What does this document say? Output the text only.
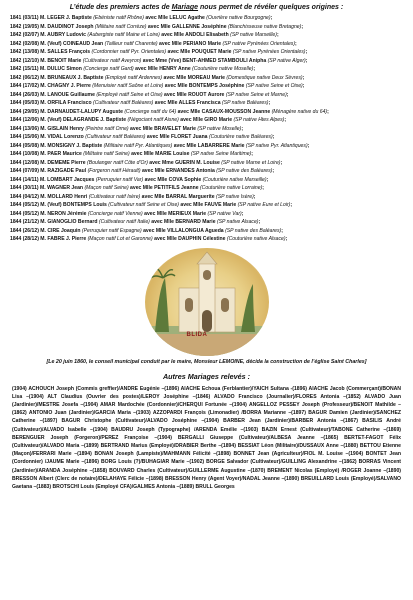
L’étude des premiers actes de Mariage nous permet de révéler quelques origines :
1841 (03/11) M. LEGER J. Baptiste (Ebéniste natif Rhône) avec Mlle LELUC Agathe (Ouvrière native Bourgogne);
1842 (19/05) M. DAUDINOT Joseph (Militaire natif Corrèze) avec Mlle GALLENNE Joséphine (Blanchisseuse native Bretagne);
1842 (02/07) M. AUBRY Ludovic (Aubergiste natif Maine et Loire) avec Mlle ANDOLI Elisabeth (SP native Marseille);
1842 (02/08) M. (Veuf) COINEAUD Jean (Tailleur natif Charente) avec Mlle PERIANO Marie (SP native Pyrénées Orientales);
1842 (13/08) M. SALLES François (Cordonnier natif Pyr. Orientales) avec Mlle POUQUET Marie (SP native Pyrénées Orientales);
1842 (12/10) M. BENOIT Marie (Cultivateur natif Aveyron) avec Mme (Vve) BENT-AHMED STAMBOULI Anipha (SP native Alger);
1842 (15/11) M. DULUC Simon (Concierge natif Gard) avec Mlle HENRY Anne (Couturière native Moselle);
1842 (06/12) M. BRUNEAUX J. Baptiste (Employé natif Ardennes) avec Mlle MOREAU Marie (Domestique native Deux Sèvres);
1844 (17/02) M. CHAGNY J. Pierre (Menuisier natif Saône et Loire) avec Mlle BONTEMPS Joséphine (SP native Seine et Oise);
1844 (26/03) M. LANOUE Guillaume (Employé natif Seine et Oise) avec Mlle ROUOT Aurore (SP native Seine et Marne);
1844 (05/03) M. ORFILA Francisco (Cultivateur natif Baléares) avec Mlle ALLES Francisca (SP native Baléares);
1844 (29/05) M. DARNAUDET-LALUPY Auguste (Concierge natif du 64) avec Mlle CASAUX-MOUSSON Jeanne (Ménagère native du 64);
1844 (12/06) M. (Veuf) DELAGRANDE J. Baptiste (Négociant natif Aisne) avec Mlle GIRO Marie (SP native Htes Alpes);
1844 (13/06) M. GISLAIN Henry (Peintre natif Orne) avec Mlle BRAVELET Marie (SP native Moselle);
1844 (15/06) M. VIDAL Lorenzo (Cultivateur natif Baléares) avec Mlle FLORET Juana (Couturière native Baléares);
1844 (05/08) M. MONSIGNY J. Baptiste (Militaire natif Pyr. Atlantiques) avec Mlle LABARRERE Marie (SP native Pyr. Atlantiques);
1844 (10/08) M. PAER Maurice (Militaire natif Seine) avec Mlle MARIE Louise (SP native Seine Maritime);
1844 (12/08) M. DEMEME Pierre (Boulanger natif Côte d’Or) avec Mme GUERIN M. Louise (SP native Marne et Loire);
1844 (07/09) M. RAZIGADE Paul (Forgeron natif Hérault) avec Mlle ERNANDES Antonia (SP native des Baléares);
1844 (14/11) M. LOMBART Jacques (Perruquier natif Var) avec Mlle COVA Sophie (Couturière native Marseille);
1844 (30/11) M. WAGNER Jean (Maçon natif Seine) avec Mlle PETITFILS Jeanne (Couturière native Lorraine);
1844 (04/12) M. MOLLARD Henri (Cultivateur natif Isère) avec Mlle BARRAL Marguerite (SP native Isère);
1844 (05/12) M. (Veuf) BONTEMPS Louis (Cultivateur natif Seine et Oise) avec Mlle FAUVE Marie (SP native Eure et Loir);
1844 (05/12) M. NERON Jérémie (Concierge natif Vienne) avec Mlle MERIEUX Marie (SP native Var);
1844 (21/12) M. GIANOGLIO Bernard (Cultivateur natif Italie) avec Mlle BERNARD Marie (SP native Alsace);
1844 (26/12) M. CIRE Joaquin (Perruquier natif Espagne) avec Mlle VILLALONGUA Agueda (SP native des Baléares);
1844 (28/12) M. FABRE J. Pierre (Maçon natif Lot et Garonne) avec Mlle DAUPHIN Célestine (Couturière native Alsace);
BLIDA
[Le 20 juin 1860, le conseil municipal conduit par le maire, Monsieur LEMOINE, décida la construction de l’église Saint Charles]
Autres Mariages relevés :
(1904) ACHOUCH Joseph (Commis greffier)/ANDRE Eugénie –(1896) AIACHE Echoua (Ferblantier)/YAICH Sultana -(1896) AIACHE Jacob (Commerçant)/BONAN Lisa –(1904) ALT Claudius (Ouvrier des postes)/LEROY Joséphine –(1846) ALVADO Francisco (Journalier)/FLORES Antonia –(1852) ALVADO Juan (Jardinier)/MESTRE Josefa –(1904) AMAR Mardochée (Cordonnier)/CHERQUI Fortunée –(1904) ANGELLOZ PESSEY Joseph (Professeur)/BENOIT Mathilde –(1862) ANTONIO Juan (Jardinier)/GARCIA Maria –(1903) AZZOPARDI François (Limonadier) /BORRA Marianne –(1897) BAGUR Damien (Jardinier)/SANCHEZ Catherine –(1897) BAGUR Christophe (Cultivateur)/ALVADO Joséphine –(1904) BARBER Jean (Jardinier)/BARBER Antonia –(1867) BASILIS André (Cultivateur)/ALVADO Isabelle –(1904) BAUDRU Joseph (Typographe) /ARENDA Emélie –(1903) BAZIN Ernest (Cultivateur)/TABONE Catherine –(1869) BERENGUER Joseph (Forgeron)/PEREZ Françoise –(1904) BERGALLI Giuseppe (Cultivateur)/ALBESA Jeanne –(1865) BERTET-FAGOT Félix (Cultivateur)/ALVADO Maria –(1899) BERTRAND Marius (Employé)/DRABIER Berthe –(1894) BESSIAT Léon (Militaire)/DUSSAUX Anne –(1880) BETTOU Etienne (Maçon)/FERRARI Marie –(1894) BONAN Joseph (Lampiste)/MAHMANN Félicité –(1898) BONNET Jean (Agriculteur)/FIOL M. Louise –(1904) BONTET Jean (Cordonnier) /JAUME Marie –(1896) BORG Louis (?)/BUHAGIAR Marie –(1902) BORGE Salvador (Cultivateur)/GUILLING Alexandrine –(1862) BORRAS Vincent (Jardinier)/ARANDA Joséphine –(1858) BOUVARD Charles (Cultivateur)/GUILLERME Augustine –(1870) BREMENT Nicolas (Employé) /ROGER Joanne –(1890) BRESSON Albert (Clerc de notaire)/DELAHAYE Félicie –(1898) BRESSON Henry (Agent Voyer)/NADAL Jeanne –(1890) BREUILLARD Louis (Employé)/SALVANO Gaetana –(1883) BROTSCHI Louis (Employé CFA)/GALMES Antonia –(1889) BRULL Georges
